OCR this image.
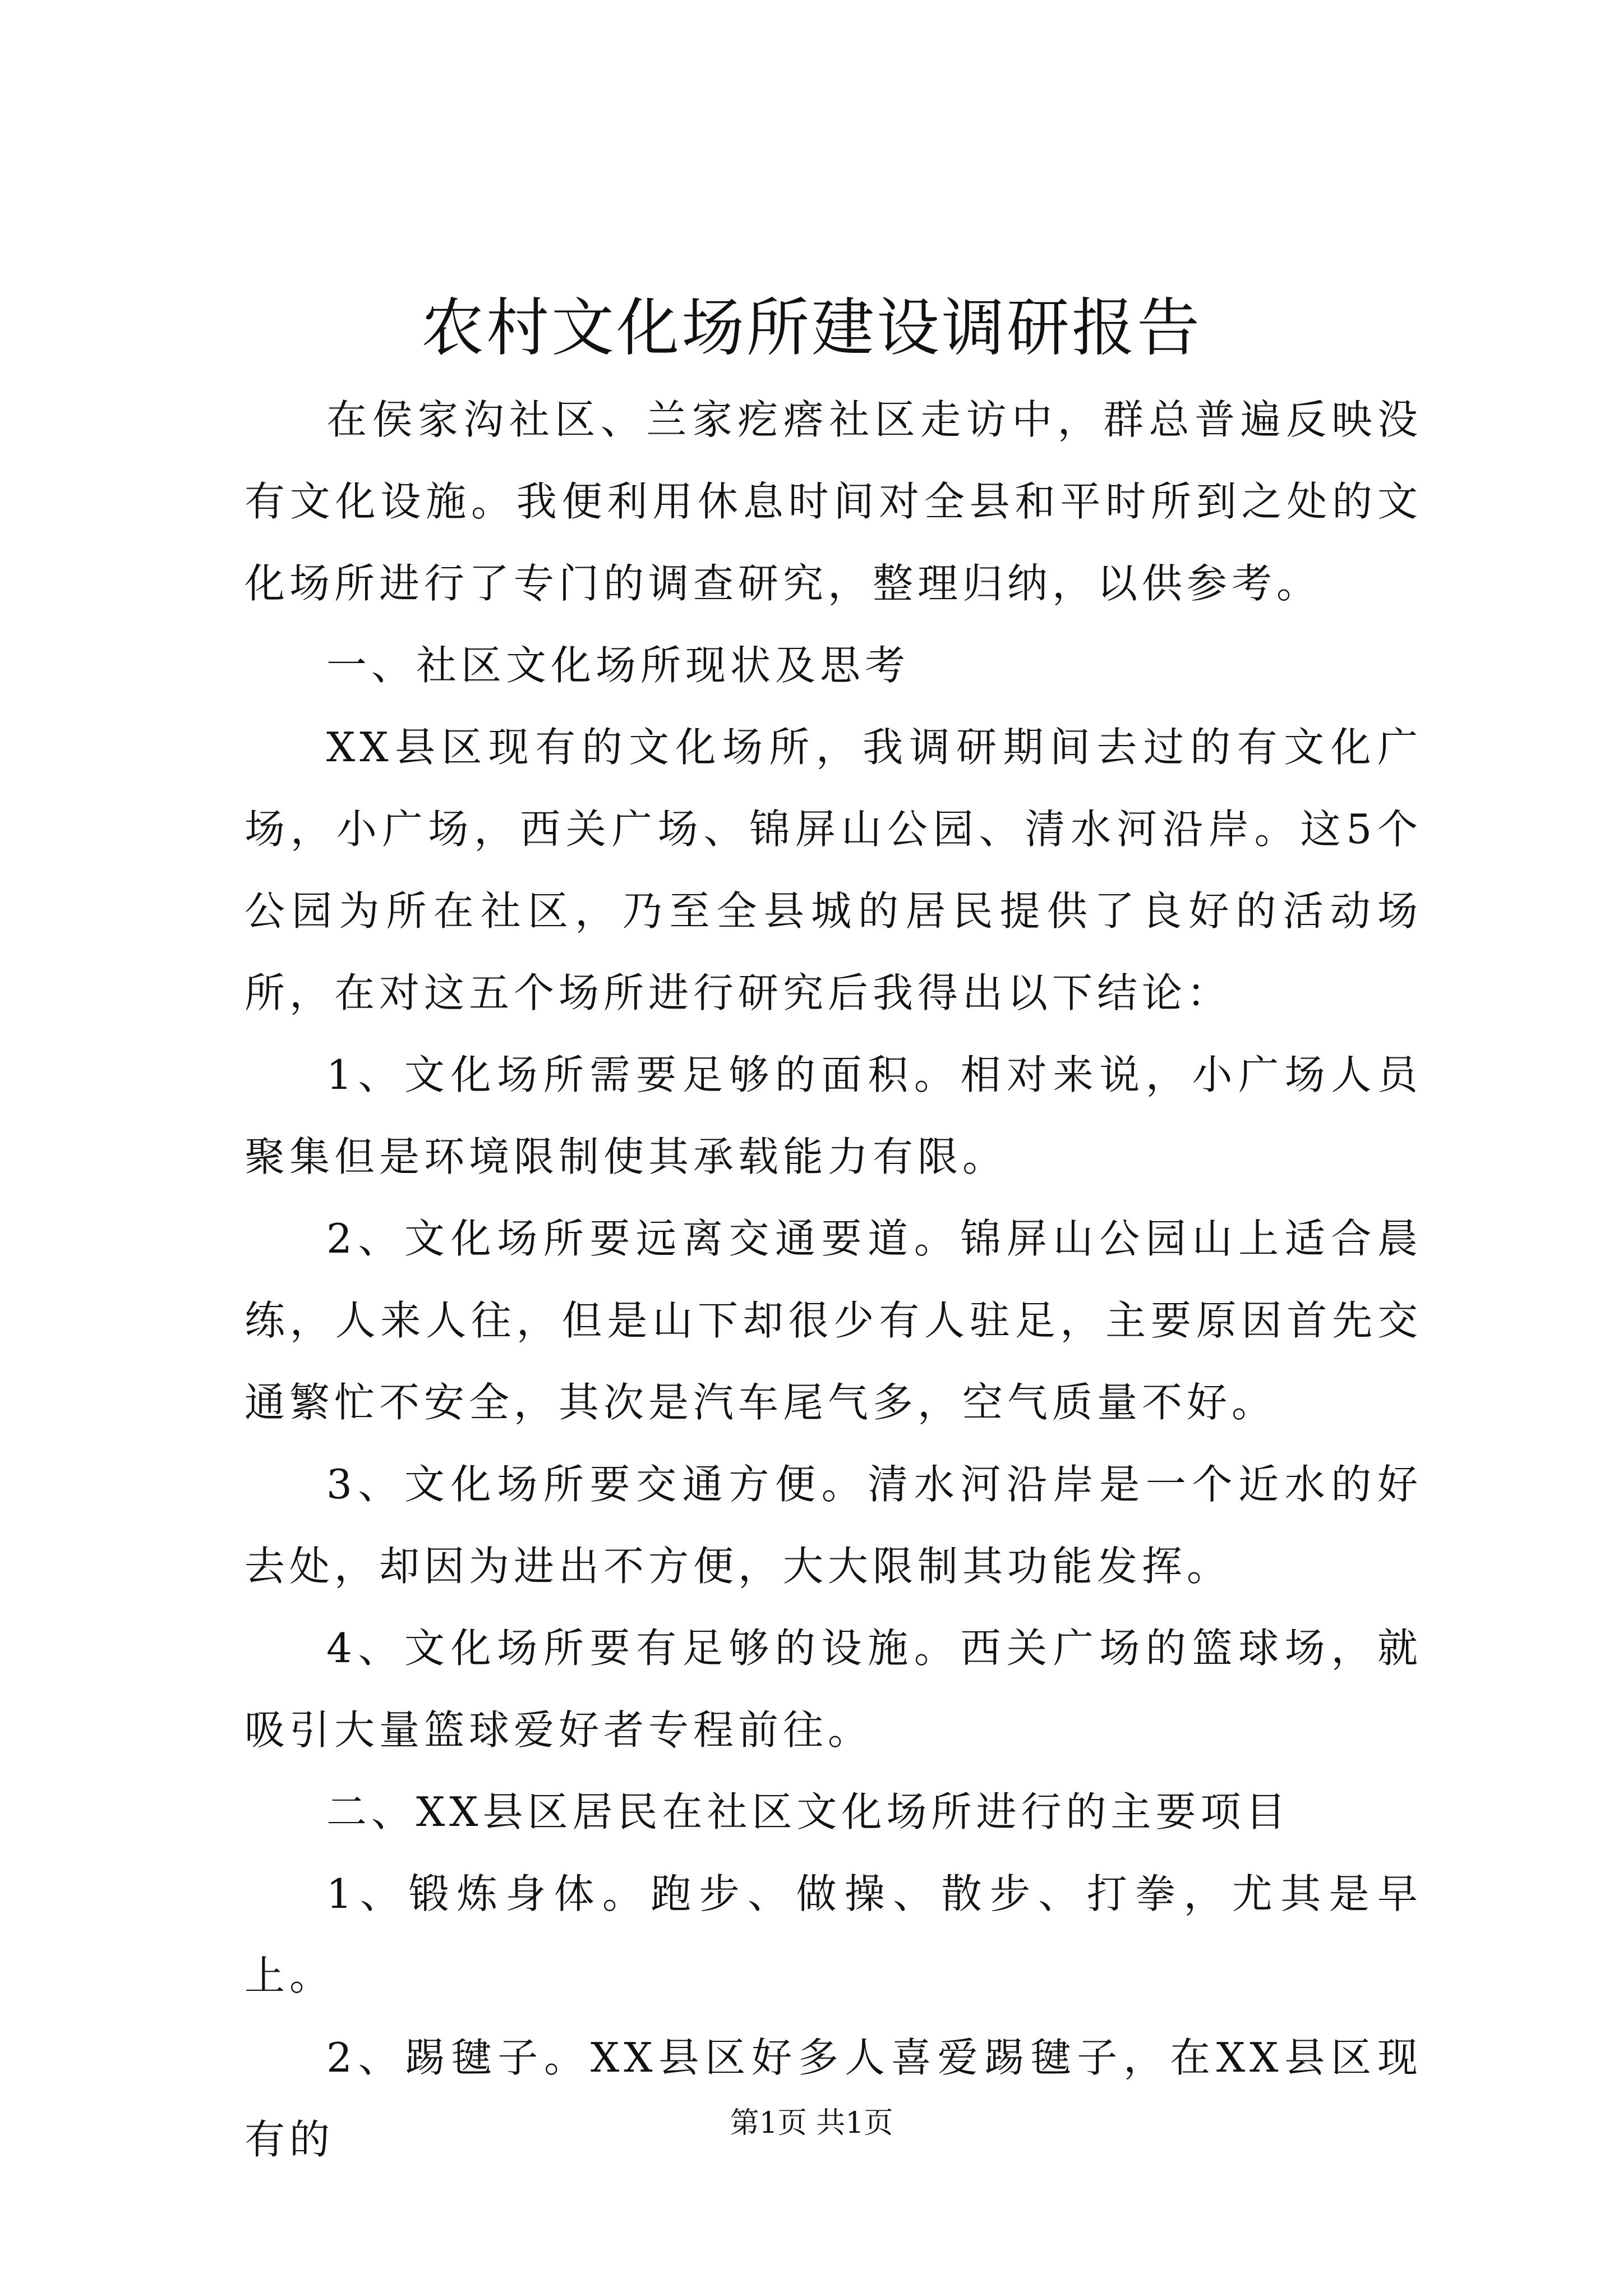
农村文化场所建设调研报告

在侯家沟社区、兰家疙瘩社区走访中，群总普遍反映没有文化设施。我便利用休息时间对全县和平时所到之处的文化场所进行了专门的调查研究，整理归纳，以供参考。

一、社区文化场所现状及思考

XX县区现有的文化场所，我调研期间去过的有文化广场，小广场，西关广场、锦屏山公园、清水河沿岸。这5个公园为所在社区，乃至全县城的居民提供了良好的活动场所，在对这五个场所进行研究后我得出以下结论：

1、文化场所需要足够的面积。相对来说，小广场人员聚集但是环境限制使其承载能力有限。

2、文化场所要远离交通要道。锦屏山公园山上适合晨练，人来人往，但是山下却很少有人驻足，主要原因首先交通繁忙不安全，其次是汽车尾气多，空气质量不好。

3、文化场所要交通方便。清水河沿岸是一个近水的好去处，却因为进出不方便，大大限制其功能发挥。

4、文化场所要有足够的设施。西关广场的篮球场，就吸引大量篮球爱好者专程前往。

二、XX县区居民在社区文化场所进行的主要项目

1、锻炼身体。跑步、做操、散步、打拳，尤其是早上。

2、踢毽子。XX县区好多人喜爱踢毽子，在XX县区现有的	第1页 共1页
